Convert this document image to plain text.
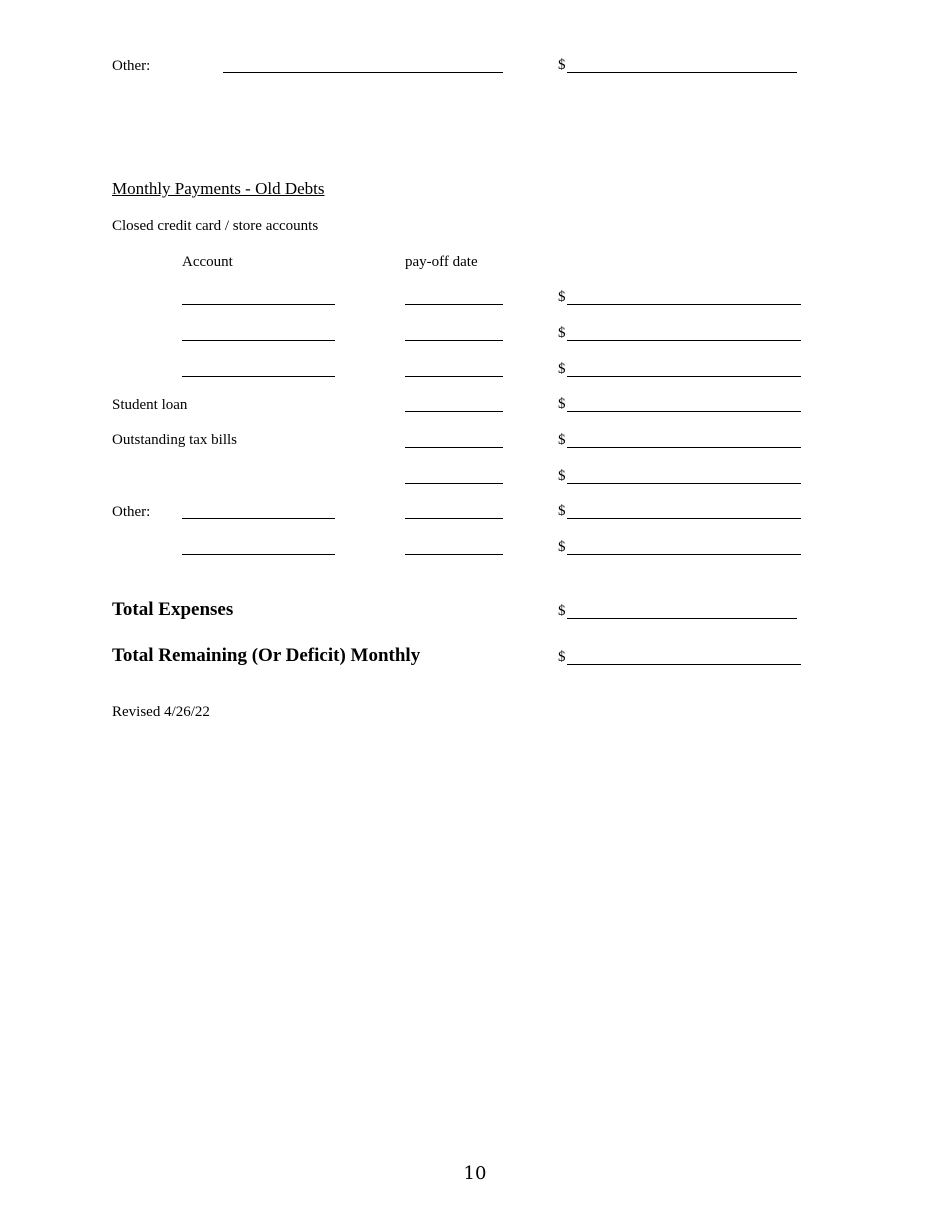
Other:	$
Monthly Payments - Old Debts
Closed credit card / store accounts
Account	pay-off date
$
$
$
Student loan	$
Outstanding tax bills	$
$
Other:	$
$
Total Expenses	$
Total Remaining (Or Deficit) Monthly	$
Revised 4/26/22
10
